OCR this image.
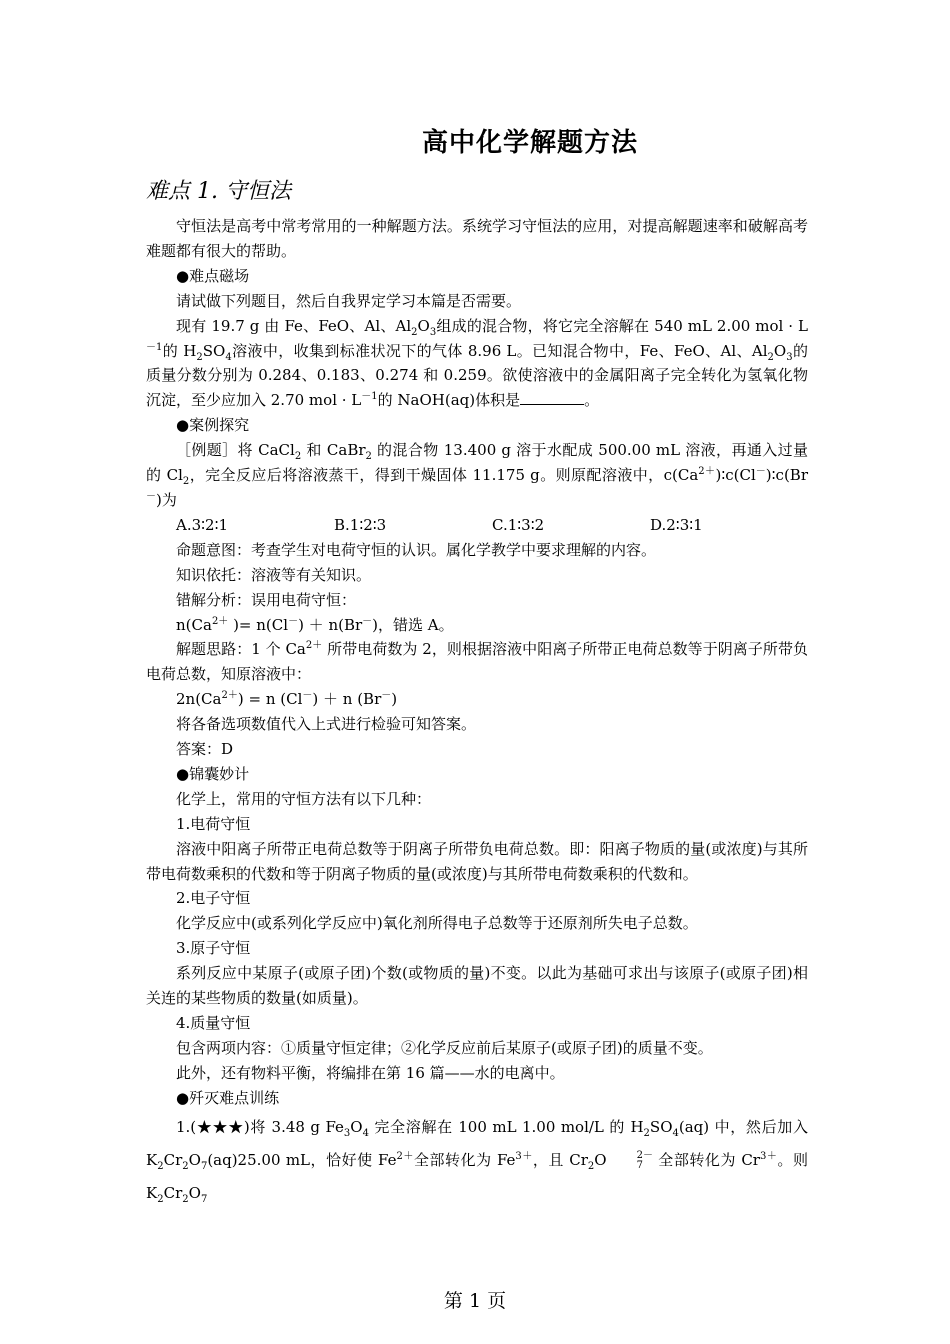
高中化学解题方法
难点 1. 守恒法

守恒法是高考中常考常用的一种解题方法。系统学习守恒法的应用，对提高解题速率和破解高考难题都有很大的帮助。

●难点磁场

请试做下列题目，然后自我界定学习本篇是否需要。

现有 19.7 g 由 Fe、FeO、Al、$Al_2O_3$组成的混合物，将它完全溶解在 540 mL 2.00 mol · $L^{-1}$的 $H_2SO_4$溶液中，收集到标准状况下的气体 8.96 L。已知混合物中，Fe、FeO、Al、$Al_2O_3$的质量分数分别为 0.284、0.183、0.274 和 0.259。欲使溶液中的金属阳离子完全转化为氢氧化物沉淀，至少应加入 2.70 mol · $L^{-1}$的 NaOH(aq)体积是	。

●案例探究

［例题］将 CaCl$_2$ 和 CaBr$_2$ 的混合物 13.400 g 溶于水配成 500.00 mL 溶液，再通入过量的 $Cl_2$，完全反应后将溶液蒸干，得到干燥固体 11.175 g。则原配溶液中，$c(Ca^{2+})∶c(Cl^-)∶c(Br^-)$为

A.3∶2∶1	B.1∶2∶3	C.1∶3∶2	D.2∶3∶1

命题意图：考查学生对电荷守恒的认识。属化学教学中要求理解的内容。

知识依托：溶液等有关知识。

错解分析：误用电荷守恒：

$n(Ca^{2+}$ )= n(Cl－) ＋ n(Br－)，错选 A。

解题思路：1 个 $Ca^{2+}$ 所带电荷数为 2，则根据溶液中阳离子所带正电荷总数等于阴离子所带负电荷总数，知原溶液中：

$2n(Ca^{2+}) = n$ (Cl－) ＋ n (Br－)

将各备选项数值代入上式进行检验可知答案。

答案：D

●锦囊妙计

化学上，常用的守恒方法有以下几种：

1.电荷守恒

溶液中阳离子所带正电荷总数等于阴离子所带负电荷总数。即：阳离子物质的量(或浓度)与其所带电荷数乘积的代数和等于阴离子物质的量(或浓度)与其所带电荷数乘积的代数和。

2.电子守恒

化学反应中(或系列化学反应中)氧化剂所得电子总数等于还原剂所失电子总数。

3.原子守恒

系列反应中某原子(或原子团)个数(或物质的量)不变。以此为基础可求出与该原子(或原子团)相关连的某些物质的数量(如质量)。

4.质量守恒

包含两项内容：①质量守恒定律；②化学反应前后某原子(或原子团)的质量不变。

此外，还有物料平衡，将编排在第 16 篇——水的电离中。

●歼灭难点训练

1.(★★★)将 3.48 g $Fe_3O_4$ 完全溶解在 100 mL 1.00 mol/L 的 $H_2SO_4(aq)$ 中，然后加入 $K_2Cr_2O_7(aq)25.00$ mL，恰好使 $Fe^{2+}$全部转化为 $Fe^{3+}$，且 $Cr_2O$	2－
7 全部转化为 $Cr^{3+}$。则 $K_2Cr_2O_7$

第 1 页
